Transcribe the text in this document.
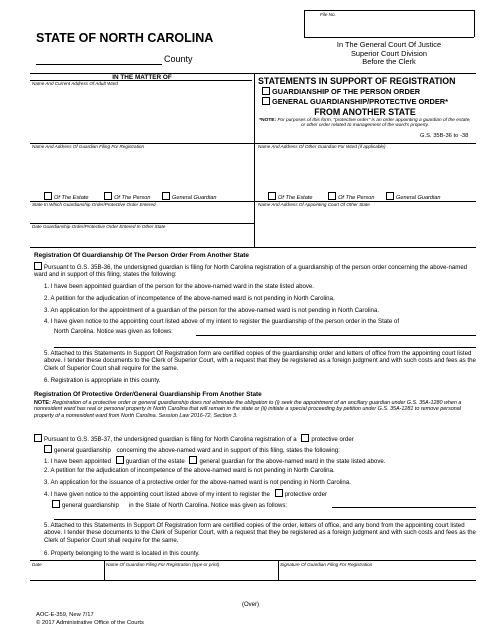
File No.
STATE OF NORTH CAROLINA
County
In The General Court Of Justice
Superior Court Division
Before the Clerk
IN THE MATTER OF
Name And Current Address Of Adult Ward	STATEMENTS IN SUPPORT OF REGISTRATION
GUARDIANSHIP OF THE PERSON ORDER
GENERAL GUARDIANSHIP/PROTECTIVE ORDER*
FROM ANOTHER STATE
*NOTE: For purposes of this form, "protective order" is an order appointing a guardian of the estate, or other order related to management of the ward's property.
G.S. 35B-36 to -38
Name And Address Of Guardian Filing For Registration	Name And Address Of Other Guardian For Ward (if applicable)
Of The Estate	Of The Person	General Guardian	Of The Estate	Of The Person	General Guardian
State In Which Guardianship Order/Protective Order Entered	Name And Address Of Appointing Court Of Other State
Date Guardianship Order/Protective Order Entered In Other State
Registration Of Guardianship Of The Person Order From Another State
Pursuant to G.S. 35B-36, the undersigned guardian is filing for North Carolina registration of a guardianship of the person order concerning the above-named ward and in support of this filing, states the following:
1. I have been appointed guardian of the person for the above-named ward in the state listed above.
2. A petition for the adjudication of incompetence of the above-named ward is not pending in North Carolina.
3. An application for the appointment of a guardian of the person for the above-named ward is not pending in North Carolina.
4. I have given notice to the appointing court listed above of my intent to register the guardianship of the person order in the State of
North Carolina. Notice was given as follows:
5. Attached to this Statements In Support Of Registration form are certified copies of the guardianship order and letters of office from the appointing court listed above. I tender these documents to the Clerk of Superior Court, with a request that they be registered as a foreign judgment and with such costs and fees as the Clerk of Superior Court shall require for the same.
6. Registration is appropriate in this county.
Registration Of Protective Order/General Guardianship From Another State
NOTE: Registration of a protective order or general guardianship does not eliminate the obligation to (i) seek the appointment of an ancillary guardian under G.S. 35A-1280 when a nonresident ward has real or personal property in North Carolina that will remain in the state or (ii) initiate a special proceeding by petition under G.S. 35A-1281 to remove personal property of a nonresident ward from North Carolina. Session Law 2016-72, Section 3.
Pursuant to G.S. 35B-37, the undersigned guardian is filing for North Carolina registration of a protective order
general guardianship concerning the above-named ward and in support of this filing, states the following:
1. I have been appointed guardian of the estate general guardian for the above-named ward in the state listed above.
2. A petition for the adjudication of incompetence of the above-named ward is not pending in North Carolina.
3. An application for the issuance of a protective order for the above-named ward is not pending in North Carolina.
4. I have given notice to the appointing court listed above of my intent to register the protective order
general guardianship in the State of North Carolina. Notice was given as follows:
5. Attached to this Statements In Support Of Registration form are certified copies of the order, letters of office, and any bond from the appointing court listed above. I tender these documents to the Clerk of Superior Court, with a request that they be registered as a foreign judgment and with such costs and fees as the Clerk of Superior Court shall require for the same.
6. Property belonging to the ward is located in this county.
Date	Name Of Guardian Filing For Registration (type or print)	Signature Of Guardian Filing For Registration
AOC-E-359, New 7/17
© 2017 Administrative Office of the Courts
(Over)
